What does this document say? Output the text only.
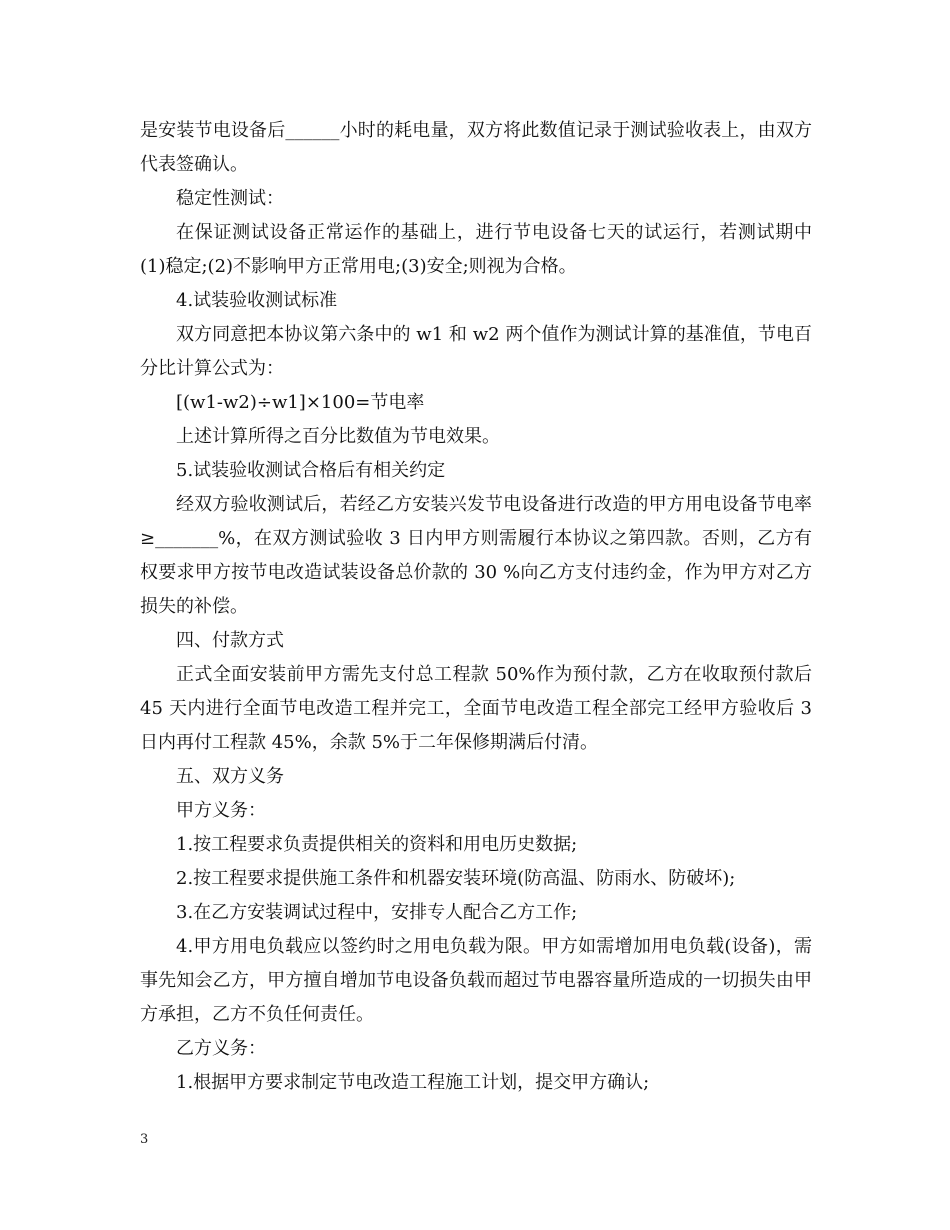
是安装节电设备后______小时的耗电量，双方将此数值记录于测试验收表上，由双方代表签确认。

稳定性测试：

在保证测试设备正常运作的基础上，进行节电设备七天的试运行，若测试期中(1)稳定;(2)不影响甲方正常用电;(3)安全;则视为合格。

4.试装验收测试标准

双方同意把本协议第六条中的 w1 和 w2 两个值作为测试计算的基准值，节电百分比计算公式为：

[(w1-w2)÷w1]×100=节电率

上述计算所得之百分比数值为节电效果。

5.试装验收测试合格后有相关约定

经双方验收测试后，若经乙方安装兴发节电设备进行改造的甲方用电设备节电率≥_______%，在双方测试验收 3 日内甲方则需履行本协议之第四款。否则，乙方有权要求甲方按节电改造试装设备总价款的 30 %向乙方支付违约金，作为甲方对乙方损失的补偿。

四、付款方式

正式全面安装前甲方需先支付总工程款 50%作为预付款，乙方在收取预付款后 45 天内进行全面节电改造工程并完工，全面节电改造工程全部完工经甲方验收后 3 日内再付工程款 45%，余款 5%于二年保修期满后付清。

五、双方义务

甲方义务：

1.按工程要求负责提供相关的资料和用电历史数据;

2.按工程要求提供施工条件和机器安装环境(防高温、防雨水、防破坏);

3.在乙方安装调试过程中，安排专人配合乙方工作;

4.甲方用电负载应以签约时之用电负载为限。甲方如需增加用电负载(设备)，需事先知会乙方，甲方擅自增加节电设备负载而超过节电器容量所造成的一切损失由甲方承担，乙方不负任何责任。

乙方义务：

1.根据甲方要求制定节电改造工程施工计划，提交甲方确认;

3
